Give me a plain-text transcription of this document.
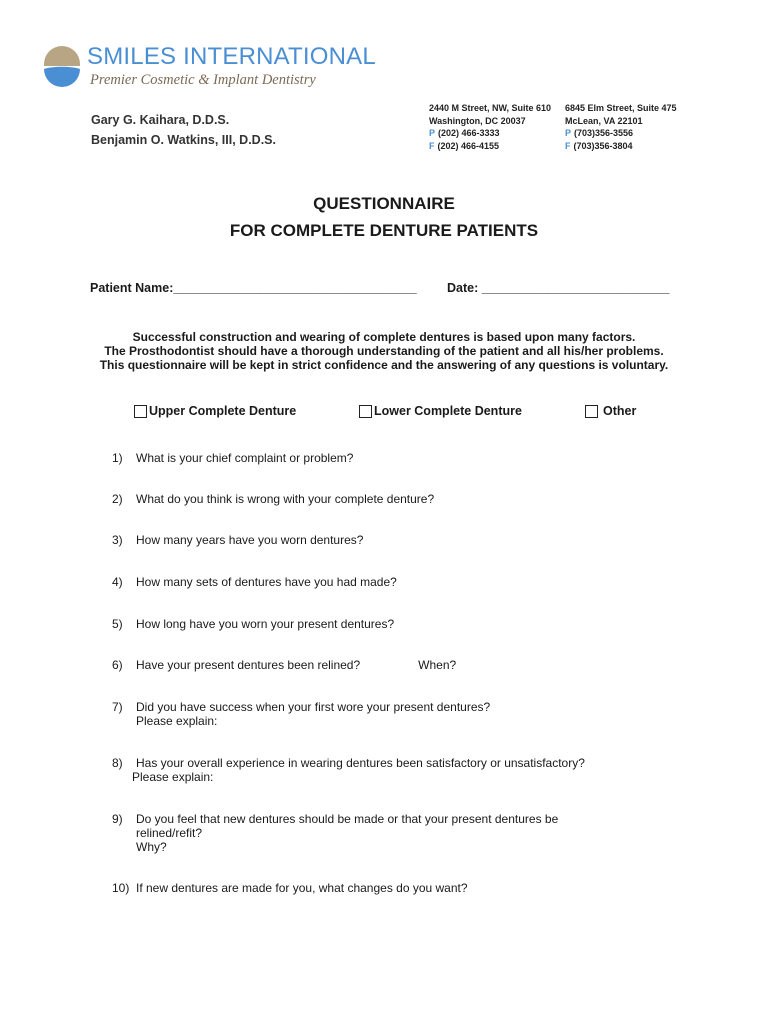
SMILES INTERNATIONAL
Premier Cosmetic & Implant Dentistry
Gary G. Kaihara, D.D.S.
Benjamin O. Watkins, III, D.D.S.
2440 M Street, NW, Suite 610
Washington, DC 20037
P (202) 466-3333
F (202) 466-4155
6845 Elm Street, Suite 475
McLean, VA 22101
P (703)356-3556
F (703)356-3804
QUESTIONNAIRE
FOR COMPLETE DENTURE PATIENTS
Patient Name:___________________________________ Date: ___________________________
Successful construction and wearing of complete dentures is based upon many factors.
The Prosthodontist should have a thorough understanding of the patient and all his/her problems.
This questionnaire will be kept in strict confidence and the answering of any questions is voluntary.
Upper Complete Denture	Lower Complete Denture	Other
1) What is your chief complaint or problem?
2) What do you think is wrong with your complete denture?
3) How many years have you worn dentures?
4) How many sets of dentures have you had made?
5) How long have you worn your present dentures?
6) Have your present dentures been relined?	When?
7) Did you have success when your first wore your present dentures?
Please explain:
8) Has your overall experience in wearing dentures been satisfactory or unsatisfactory?
Please explain:
9) Do you feel that new dentures should be made or that your present dentures be
relined/refit?
Why?
10) If new dentures are made for you, what changes do you want?
